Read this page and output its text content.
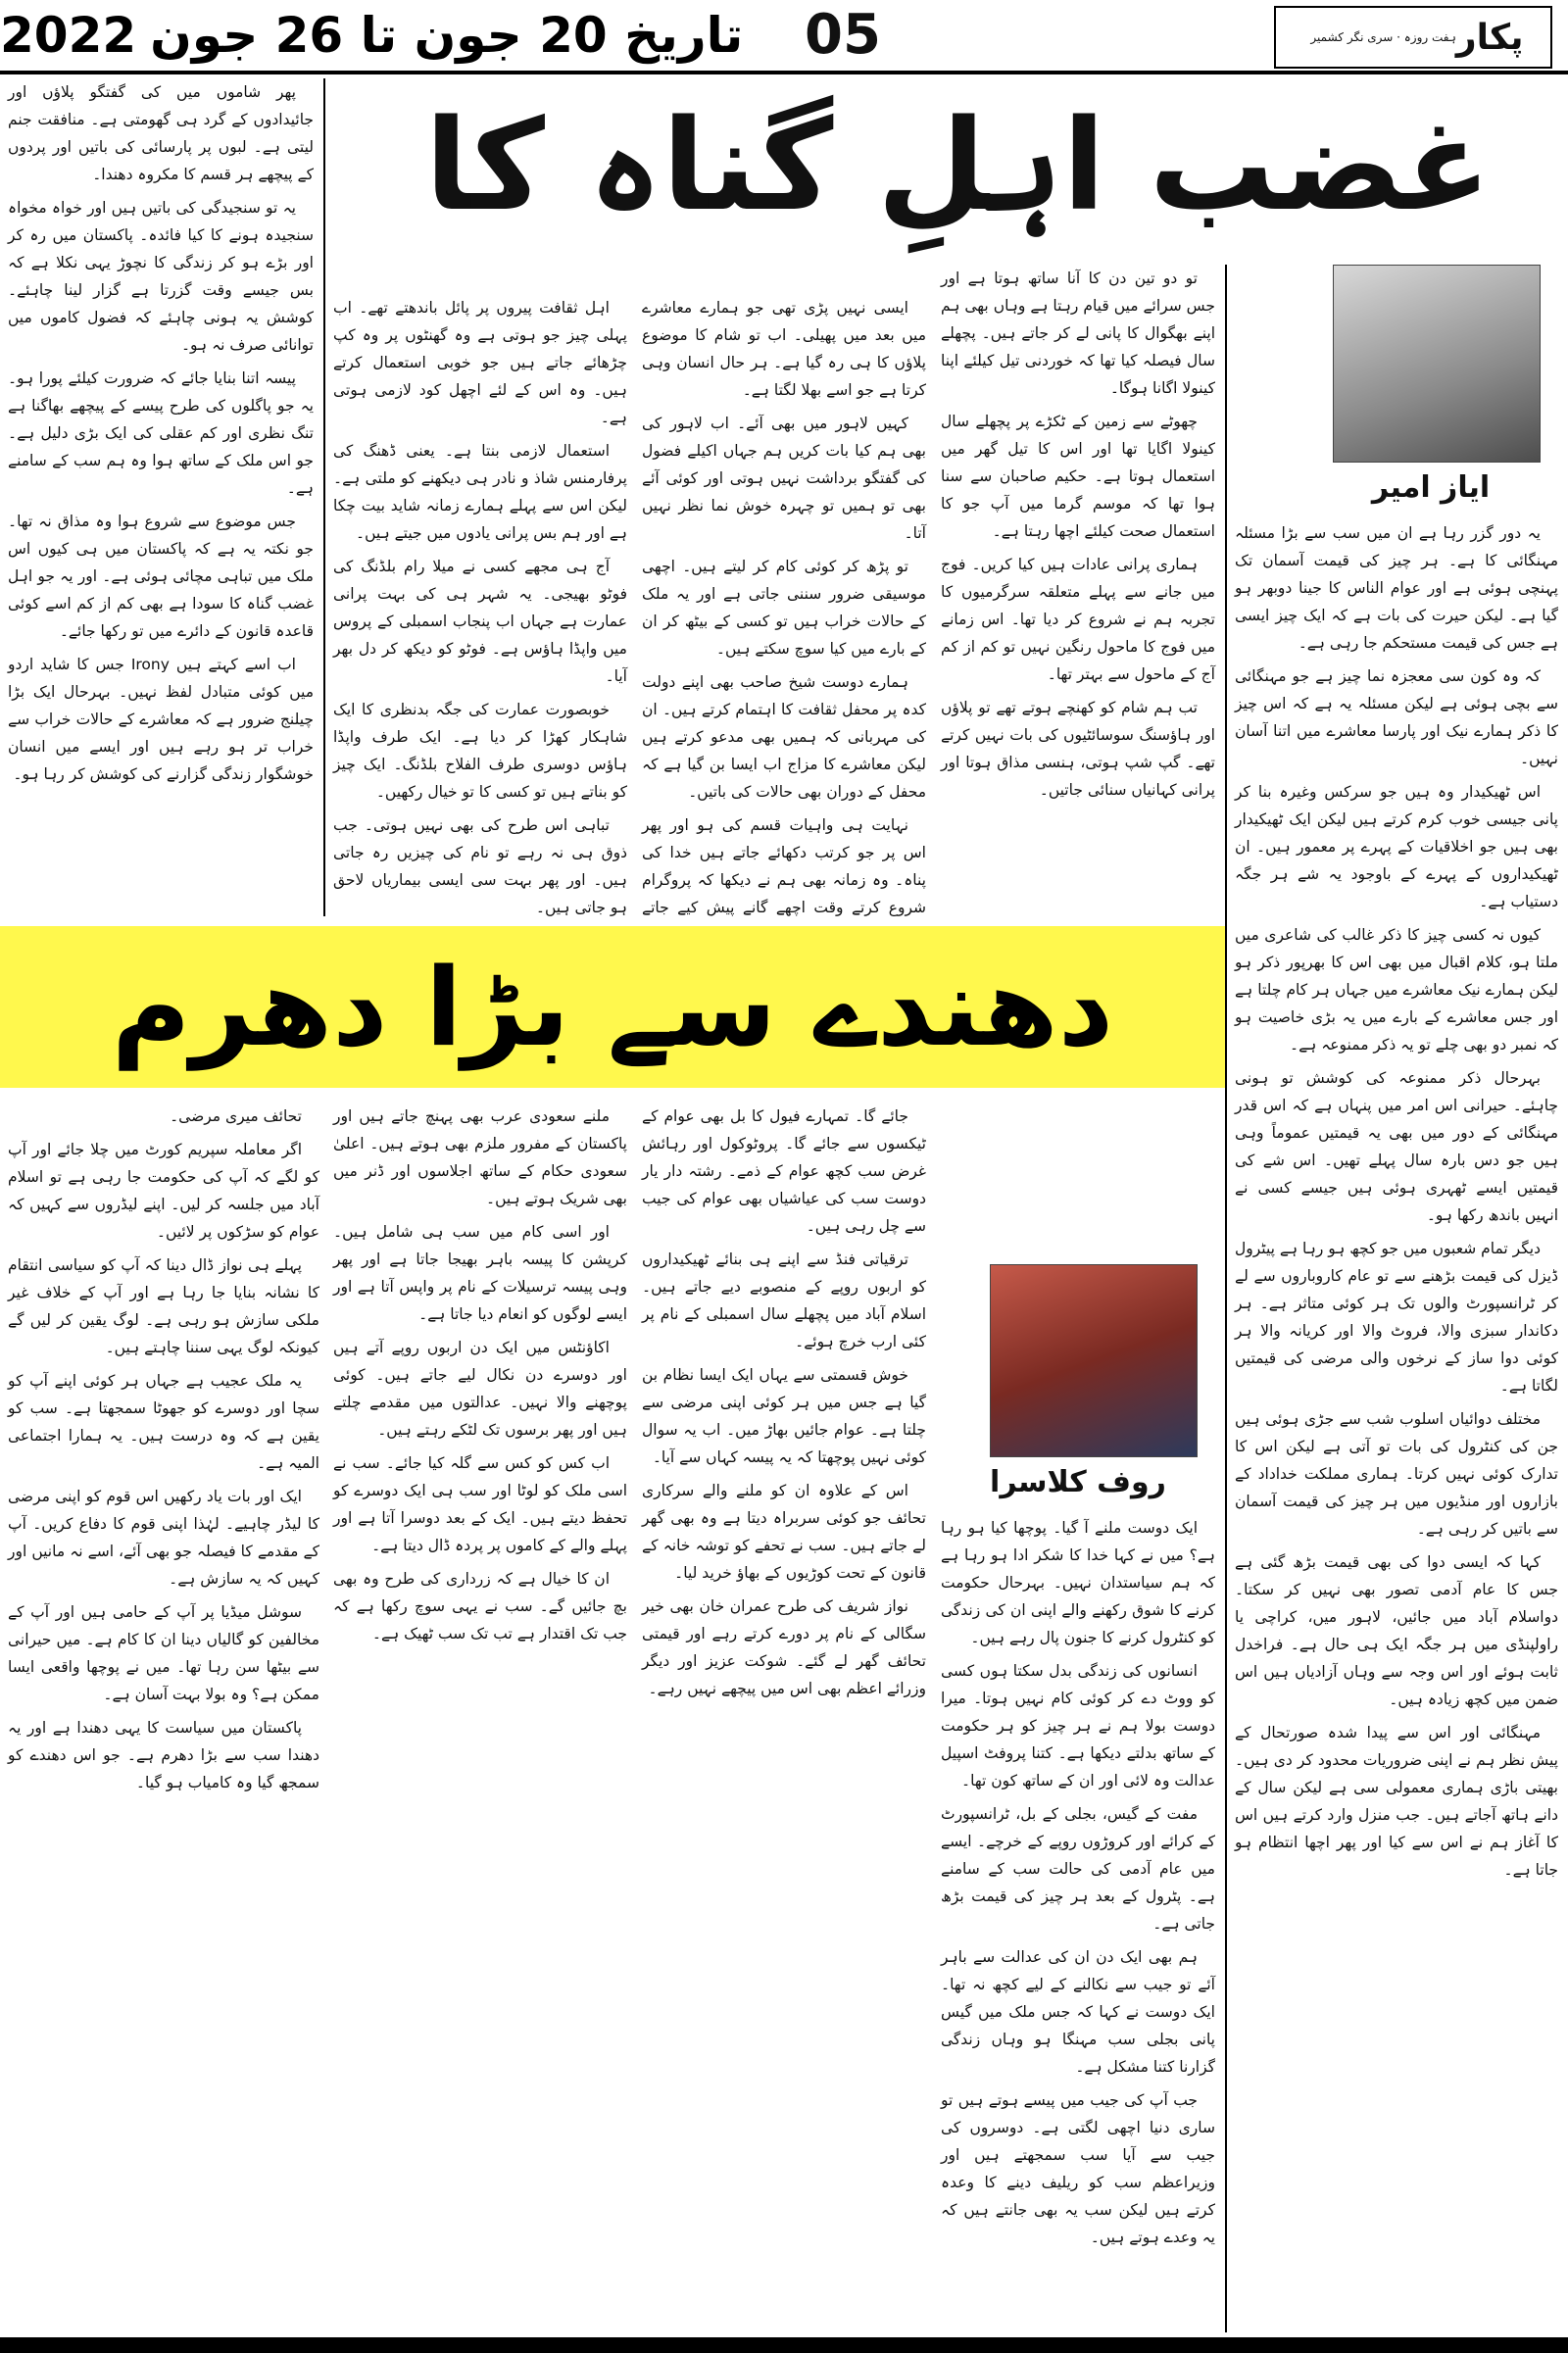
2022 تاریخ 20 جون تا 26 جون	05	پکار
ہفت روزہ · سری نگر کشمیر
غضب اہلِ گناہ کا
ایاز امیر

یہ دور گزر رہا ہے ان میں سب سے بڑا مسئلہ مہنگائی کا ہے۔ ہر چیز کی قیمت آسمان تک پہنچی ہوئی ہے اور عوام الناس کا جینا دوبھر ہو گیا ہے۔ لیکن حیرت کی بات ہے کہ ایک چیز ایسی ہے جس کی قیمت مستحکم جا رہی ہے۔

کہ وہ کون سی معجزہ نما چیز ہے جو مہنگائی سے بچی ہوئی ہے لیکن مسئلہ یہ ہے کہ اس چیز کا ذکر ہمارے نیک اور پارسا معاشرے میں اتنا آسان نہیں۔

اس ٹھیکیدار وہ ہیں جو سرکس وغیرہ بنا کر پانی جیسی خوب کرم کرتے ہیں لیکن ایک ٹھیکیدار بھی ہیں جو اخلاقیات کے پہرے پر معمور ہیں۔ ان ٹھیکیداروں کے پہرے کے باوجود یہ شے ہر جگہ دستیاب ہے۔

کیوں نہ کسی چیز کا ذکر غالب کی شاعری میں ملتا ہو، کلام اقبال میں بھی اس کا بھرپور ذکر ہو لیکن ہمارے نیک معاشرے میں جہاں ہر کام چلتا ہے اور جس معاشرے کے بارے میں یہ بڑی خاصیت ہو کہ نمبر دو بھی چلے تو یہ ذکر ممنوعہ ہے۔

بہرحال ذکر ممنوعہ کی کوشش تو ہونی چاہئے۔ حیرانی اس امر میں پنہاں ہے کہ اس قدر مہنگائی کے دور میں بھی یہ قیمتیں عموماً وہی ہیں جو دس بارہ سال پہلے تھیں۔ اس شے کی قیمتیں ایسے ٹھہری ہوئی ہیں جیسے کسی نے انہیں باندھ رکھا ہو۔

دیگر تمام شعبوں میں جو کچھ ہو رہا ہے پیٹرول ڈیزل کی قیمت بڑھنے سے تو عام کاروباروں سے لے کر ٹرانسپورٹ والوں تک ہر کوئی متاثر ہے۔ ہر دکاندار سبزی والا، فروٹ والا اور کریانہ والا ہر کوئی دوا ساز کے نرخوں والی مرضی کی قیمتیں لگاتا ہے۔

مختلف دوائیاں اسلوب شب سے جڑی ہوئی ہیں جن کی کنٹرول کی بات تو آتی ہے لیکن اس کا تدارک کوئی نہیں کرتا۔ ہماری مملکت خداداد کے بازاروں اور منڈیوں میں ہر چیز کی قیمت آسمان سے باتیں کر رہی ہے۔

کہا کہ ایسی دوا کی بھی قیمت بڑھ گئی ہے جس کا عام آدمی تصور بھی نہیں کر سکتا۔ دواسلام آباد میں جائیں، لاہور میں، کراچی یا راولپنڈی میں ہر جگہ ایک ہی حال ہے۔ فراخدل ثابت ہوئے اور اس وجہ سے وہاں آزادیاں ہیں اس ضمن میں کچھ زیادہ ہیں۔

مہنگائی اور اس سے پیدا شدہ صورتحال کے پیش نظر ہم نے اپنی ضروریات محدود کر دی ہیں۔ بھیتی باڑی ہماری معمولی سی ہے لیکن سال کے دانے ہاتھ آجاتے ہیں۔ جب منزل وارد کرتے ہیں اس کا آغاز ہم نے اس سے کیا اور پھر اچھا انتظام ہو جاتا ہے۔

تو دو تین دن کا آنا ساتھ ہوتا ہے اور جس سرائے میں قیام رہتا ہے وہاں بھی ہم اپنے بھگوال کا پانی لے کر جاتے ہیں۔ پچھلے سال فیصلہ کیا تھا کہ خوردنی تیل کیلئے اپنا کینولا اگانا ہوگا۔

چھوٹے سے زمین کے ٹکڑے پر پچھلے سال کینولا اگایا تھا اور اس کا تیل گھر میں استعمال ہوتا ہے۔ حکیم صاحبان سے سنا ہوا تھا کہ موسم گرما میں آپ جو کا استعمال صحت کیلئے اچھا رہتا ہے۔

ہماری پرانی عادات ہیں کیا کریں۔ فوج میں جانے سے پہلے متعلقہ سرگرمیوں کا تجربہ ہم نے شروع کر دیا تھا۔ اس زمانے میں فوج کا ماحول رنگین نہیں تو کم از کم آج کے ماحول سے بہتر تھا۔

تب ہم شام کو کھنچے ہوتے تھے تو پلاؤں اور ہاؤسنگ سوسائٹیوں کی بات نہیں کرتے تھے۔ گپ شپ ہوتی، ہنسی مذاق ہوتا اور پرانی کہانیاں سنائی جاتیں۔

ایسی نہیں پڑی تھی جو ہمارے معاشرے میں بعد میں پھیلی۔ اب تو شام کا موضوع پلاؤں کا ہی رہ گیا ہے۔ ہر حال انسان وہی کرتا ہے جو اسے بھلا لگتا ہے۔

کہیں لاہور میں بھی آئے۔ اب لاہور کی بھی ہم کیا بات کریں ہم جہاں اکیلے فضول کی گفتگو برداشت نہیں ہوتی اور کوئی آئے بھی تو ہمیں تو چہرہ خوش نما نظر نہیں آتا۔

تو پڑھ کر کوئی کام کر لیتے ہیں۔ اچھی موسیقی ضرور سننی جاتی ہے اور یہ ملک کے حالات خراب ہیں تو کسی کے بیٹھ کر ان کے بارے میں کیا سوچ سکتے ہیں۔

ہمارے دوست شیخ صاحب بھی اپنے دولت کدہ پر محفل ثقافت کا اہتمام کرتے ہیں۔ ان کی مہربانی کہ ہمیں بھی مدعو کرتے ہیں لیکن معاشرے کا مزاج اب ایسا بن گیا ہے کہ محفل کے دوران بھی حالات کی باتیں۔

نہایت ہی واہیات قسم کی ہو اور پھر اس پر جو کرتب دکھائے جاتے ہیں خدا کی پناہ۔ وہ زمانہ بھی ہم نے دیکھا کہ پروگرام شروع کرتے وقت اچھے گانے پیش کیے جاتے

اہل ثقافت پیروں پر پائل باندھتے تھے۔ اب پہلی چیز جو ہوتی ہے وہ گھنٹوں پر وہ کپ چڑھائے جاتے ہیں جو خوبی استعمال کرتے ہیں۔ وہ اس کے لئے اچھل کود لازمی ہوتی ہے۔

استعمال لازمی بنتا ہے۔ یعنی ڈھنگ کی پرفارمنس شاذ و نادر ہی دیکھنے کو ملتی ہے۔ لیکن اس سے پہلے ہمارے زمانہ شاید بیت چکا ہے اور ہم بس پرانی یادوں میں جیتے ہیں۔

آج ہی مجھے کسی نے میلا رام بلڈنگ کی فوٹو بھیجی۔ یہ شہر ہی کی بہت پرانی عمارت ہے جہاں اب پنجاب اسمبلی کے پروس میں واپڈا ہاؤس ہے۔ فوٹو کو دیکھ کر دل بھر آیا۔

خوبصورت عمارت کی جگہ بدنظری کا ایک شاہکار کھڑا کر دیا ہے۔ ایک طرف واپڈا ہاؤس دوسری طرف الفلاح بلڈنگ۔ ایک چیز کو بناتے ہیں تو کسی کا تو خیال رکھیں۔

تباہی اس طرح کی بھی نہیں ہوتی۔ جب ذوق ہی نہ رہے تو نام کی چیزیں رہ جاتی ہیں۔ اور پھر بہت سی ایسی بیماریاں لاحق ہو جاتی ہیں۔

پھر شاموں میں کی گفتگو پلاؤں اور جائیدادوں کے گرد ہی گھومتی ہے۔ منافقت جنم لیتی ہے۔ لبوں پر پارسائی کی باتیں اور پردوں کے پیچھے ہر قسم کا مکروہ دھندا۔

یہ تو سنجیدگی کی باتیں ہیں اور خواہ مخواہ سنجیدہ ہونے کا کیا فائدہ۔ پاکستان میں رہ کر اور بڑے ہو کر زندگی کا نچوڑ یہی نکلا ہے کہ بس جیسے وقت گزرتا ہے گزار لینا چاہئے۔ کوشش یہ ہونی چاہئے کہ فضول کاموں میں توانائی صرف نہ ہو۔

پیسہ اتنا بنایا جائے کہ ضرورت کیلئے پورا ہو۔ یہ جو پاگلوں کی طرح پیسے کے پیچھے بھاگنا ہے تنگ نظری اور کم عقلی کی ایک بڑی دلیل ہے۔ جو اس ملک کے ساتھ ہوا وہ ہم سب کے سامنے ہے۔

جس موضوع سے شروع ہوا وہ مذاق نہ تھا۔ جو نکتہ یہ ہے کہ پاکستان میں ہی کیوں اس ملک میں تباہی مچائی ہوئی ہے۔ اور یہ جو اہل غضب گناہ کا سودا ہے بھی کم از کم اسے کوئی قاعدہ قانون کے دائرے میں تو رکھا جائے۔

اب اسے کہتے ہیں Irony جس کا شاید اردو میں کوئی متبادل لفظ نہیں۔ بہرحال ایک بڑا چیلنج ضرور ہے کہ معاشرے کے حالات خراب سے خراب تر ہو رہے ہیں اور ایسے میں انسان خوشگوار زندگی گزارنے کی کوشش کر رہا ہو۔

دھندے سے بڑا دھرم
روف کلاسرا

ایک دوست ملنے آ گیا۔ پوچھا کیا ہو رہا ہے؟ میں نے کہا خدا کا شکر ادا ہو رہا ہے کہ ہم سیاستدان نہیں۔ بہرحال حکومت کرنے کا شوق رکھنے والے اپنی ان کی زندگی کو کنٹرول کرنے کا جنون پال رہے ہیں۔

انسانوں کی زندگی بدل سکتا ہوں کسی کو ووٹ دے کر کوئی کام نہیں ہوتا۔ میرا دوست بولا ہم نے ہر چیز کو ہر حکومت کے ساتھ بدلتے دیکھا ہے۔ کتنا پروفٹ اسپیل عدالت وہ لائی اور ان کے ساتھ کون تھا۔

مفت کے گیس، بجلی کے بل، ٹرانسپورٹ کے کرائے اور کروڑوں روپے کے خرچے۔ ایسے میں عام آدمی کی حالت سب کے سامنے ہے۔ پٹرول کے بعد ہر چیز کی قیمت بڑھ جاتی ہے۔

ہم بھی ایک دن ان کی عدالت سے باہر آئے تو جیب سے نکالنے کے لیے کچھ نہ تھا۔ ایک دوست نے کہا کہ جس ملک میں گیس پانی بجلی سب مہنگا ہو وہاں زندگی گزارنا کتنا مشکل ہے۔

جب آپ کی جیب میں پیسے ہوتے ہیں تو ساری دنیا اچھی لگتی ہے۔ دوسروں کی جیب سے آیا سب سمجھتے ہیں اور وزیراعظم سب کو ریلیف دینے کا وعدہ کرتے ہیں لیکن سب یہ بھی جانتے ہیں کہ یہ وعدے ہوتے ہیں۔

جائے گا۔ تمہارے فیول کا بل بھی عوام کے ٹیکسوں سے جائے گا۔ پروٹوکول اور رہائش غرض سب کچھ عوام کے ذمے۔ رشتہ دار یار دوست سب کی عیاشیاں بھی عوام کی جیب سے چل رہی ہیں۔

ترقیاتی فنڈ سے اپنے ہی بنائے ٹھیکیداروں کو اربوں روپے کے منصوبے دیے جاتے ہیں۔ اسلام آباد میں پچھلے سال اسمبلی کے نام پر کئی ارب خرچ ہوئے۔

خوش قسمتی سے یہاں ایک ایسا نظام بن گیا ہے جس میں ہر کوئی اپنی مرضی سے چلتا ہے۔ عوام جائیں بھاڑ میں۔ اب یہ سوال کوئی نہیں پوچھتا کہ یہ پیسہ کہاں سے آیا۔

اس کے علاوہ ان کو ملنے والے سرکاری تحائف جو کوئی سربراہ دیتا ہے وہ بھی گھر لے جاتے ہیں۔ سب نے تحفے کو توشہ خانہ کے قانون کے تحت کوڑیوں کے بھاؤ خرید لیا۔

نواز شریف کی طرح عمران خان بھی خیر سگالی کے نام پر دورے کرتے رہے اور قیمتی تحائف گھر لے گئے۔ شوکت عزیز اور دیگر وزرائے اعظم بھی اس میں پیچھے نہیں رہے۔

ملنے سعودی عرب بھی پہنچ جاتے ہیں اور پاکستان کے مفرور ملزم بھی ہوتے ہیں۔ اعلیٰ سعودی حکام کے ساتھ اجلاسوں اور ڈنر میں بھی شریک ہوتے ہیں۔

اور اسی کام میں سب ہی شامل ہیں۔ کرپشن کا پیسہ باہر بھیجا جاتا ہے اور پھر وہی پیسہ ترسیلات کے نام پر واپس آتا ہے اور ایسے لوگوں کو انعام دیا جاتا ہے۔

اکاؤنٹس میں ایک دن اربوں روپے آتے ہیں اور دوسرے دن نکال لیے جاتے ہیں۔ کوئی پوچھنے والا نہیں۔ عدالتوں میں مقدمے چلتے ہیں اور پھر برسوں تک لٹکے رہتے ہیں۔

اب کس کو کس سے گلہ کیا جائے۔ سب نے اسی ملک کو لوٹا اور سب ہی ایک دوسرے کو تحفظ دیتے ہیں۔ ایک کے بعد دوسرا آتا ہے اور پہلے والے کے کاموں پر پردہ ڈال دیتا ہے۔

ان کا خیال ہے کہ زرداری کی طرح وہ بھی بچ جائیں گے۔ سب نے یہی سوچ رکھا ہے کہ جب تک اقتدار ہے تب تک سب ٹھیک ہے۔

تحائف میری مرضی۔

اگر معاملہ سپریم کورٹ میں چلا جائے اور آپ کو لگے کہ آپ کی حکومت جا رہی ہے تو اسلام آباد میں جلسہ کر لیں۔ اپنے لیڈروں سے کہیں کہ عوام کو سڑکوں پر لائیں۔

پہلے ہی نواز ڈال دینا کہ آپ کو سیاسی انتقام کا نشانہ بنایا جا رہا ہے اور آپ کے خلاف غیر ملکی سازش ہو رہی ہے۔ لوگ یقین کر لیں گے کیونکہ لوگ یہی سننا چاہتے ہیں۔

یہ ملک عجیب ہے جہاں ہر کوئی اپنے آپ کو سچا اور دوسرے کو جھوٹا سمجھتا ہے۔ سب کو یقین ہے کہ وہ درست ہیں۔ یہ ہمارا اجتماعی المیہ ہے۔

ایک اور بات یاد رکھیں اس قوم کو اپنی مرضی کا لیڈر چاہیے۔ لہٰذا اپنی قوم کا دفاع کریں۔ آپ کے مقدمے کا فیصلہ جو بھی آئے، اسے نہ مانیں اور کہیں کہ یہ سازش ہے۔

سوشل میڈیا پر آپ کے حامی ہیں اور آپ کے مخالفین کو گالیاں دینا ان کا کام ہے۔ میں حیرانی سے بیٹھا سن رہا تھا۔ میں نے پوچھا واقعی ایسا ممکن ہے؟ وہ بولا بہت آسان ہے۔

پاکستان میں سیاست کا یہی دھندا ہے اور یہ دھندا سب سے بڑا دھرم ہے۔ جو اس دھندے کو سمجھ گیا وہ کامیاب ہو گیا۔
